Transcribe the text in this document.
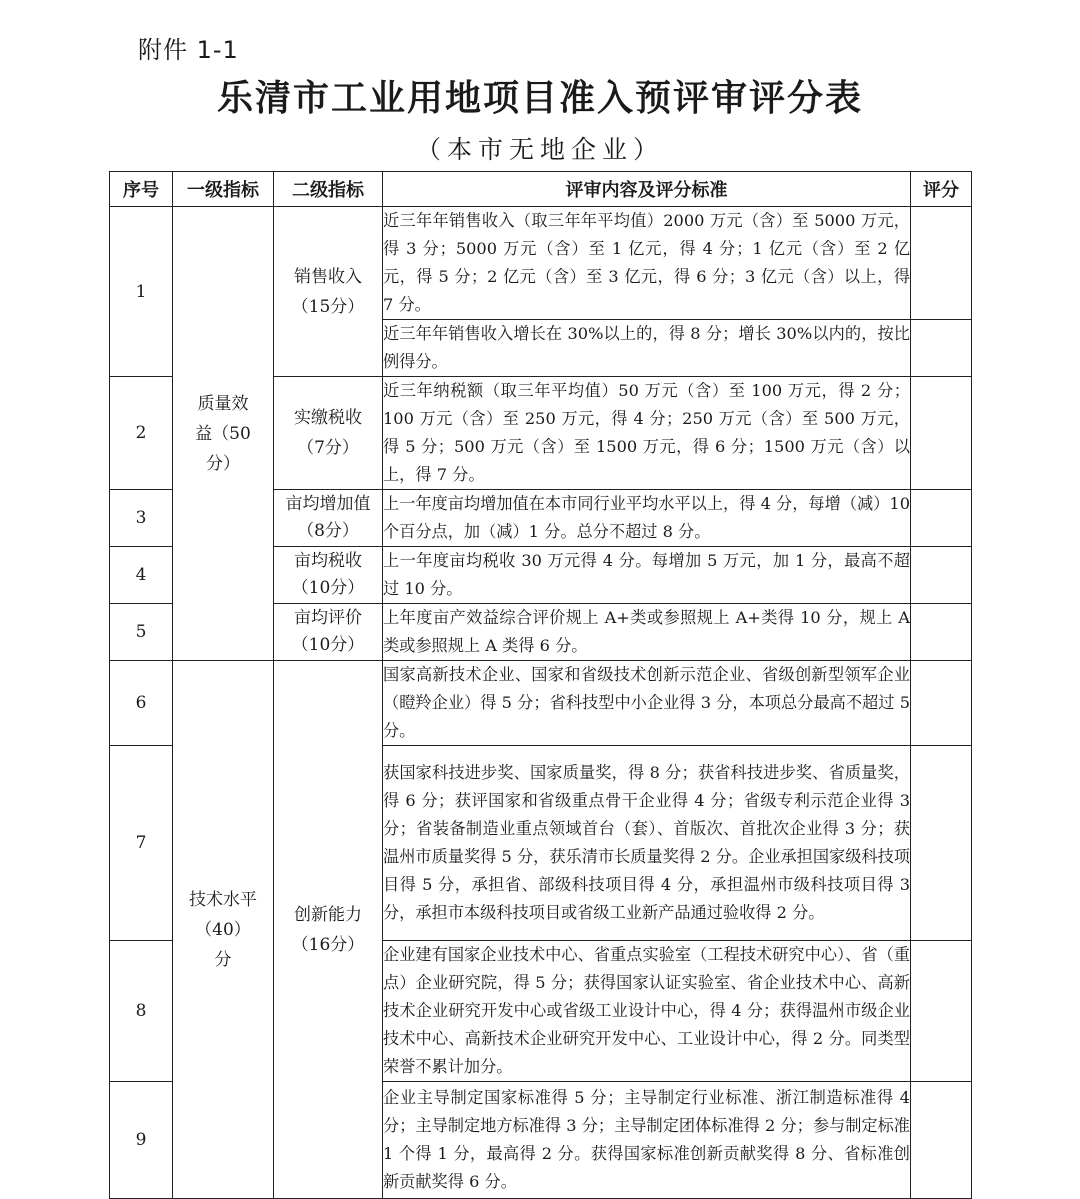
附件 1-1
乐清市工业用地项目准入预评审评分表
（本市无地企业）
序号	一级指标	二级指标	评审内容及评分标准	评分
1	质量效益（50分）	销售收入（15分）	近三年年销售收入（取三年年平均值）2000 万元（含）至 5000 万元，得 3 分；5000 万元（含）至 1 亿元，得 4 分；1 亿元（含）至 2 亿元，得 5 分；2 亿元（含）至 3 亿元，得 6 分；3 亿元（含）以上，得 7 分。	
			近三年年销售收入增长在 30%以上的，得 8 分；增长 30%以内的，按比例得分。	
2		实缴税收（7分）	近三年纳税额（取三年平均值）50 万元（含）至 100 万元，得 2 分；100 万元（含）至 250 万元，得 4 分；250 万元（含）至 500 万元，得 5 分；500 万元（含）至 1500 万元，得 6 分；1500 万元（含）以上，得 7 分。	
3		亩均增加值（8分）	上一年度亩均增加值在本市同行业平均水平以上，得 4 分，每增（减）10 个百分点，加（减）1 分。总分不超过 8 分。	
4		亩均税收（10分）	上一年度亩均税收 30 万元得 4 分。每增加 5 万元，加 1 分，最高不超过 10 分。	
5		亩均评价（10分）	上年度亩产效益综合评价规上 A+类或参照规上 A+类得 10 分，规上 A 类或参照规上 A 类得 6 分。	
6	技术水平（40）分	创新能力（16分）	国家高新技术企业、国家和省级技术创新示范企业、省级创新型领军企业（瞪羚企业）得 5 分；省科技型中小企业得 3 分，本项总分最高不超过 5 分。	
7			获国家科技进步奖、国家质量奖，得 8 分；获省科技进步奖、省质量奖，得 6 分；获评国家和省级重点骨干企业得 4 分；省级专利示范企业得 3 分；省装备制造业重点领域首台（套）、首版次、首批次企业得 3 分；获温州市质量奖得 5 分，获乐清市长质量奖得 2 分。企业承担国家级科技项目得 5 分，承担省、部级科技项目得 4 分，承担温州市级科技项目得 3 分，承担市本级科技项目或省级工业新产品通过验收得 2 分。	
8			企业建有国家企业技术中心、省重点实验室（工程技术研究中心）、省（重点）企业研究院，得 5 分；获得国家认证实验室、省企业技术中心、高新技术企业研究开发中心或省级工业设计中心，得 4 分；获得温州市级企业技术中心、高新技术企业研究开发中心、工业设计中心，得 2 分。同类型荣誉不累计加分。	
9			企业主导制定国家标准得 5 分；主导制定行业标准、浙江制造标准得 4 分；主导制定地方标准得 3 分；主导制定团体标准得 2 分；参与制定标准 1 个得 1 分，最高得 2 分。获得国家标准创新贡献奖得 8 分、省标准创新贡献奖得 6 分。	
